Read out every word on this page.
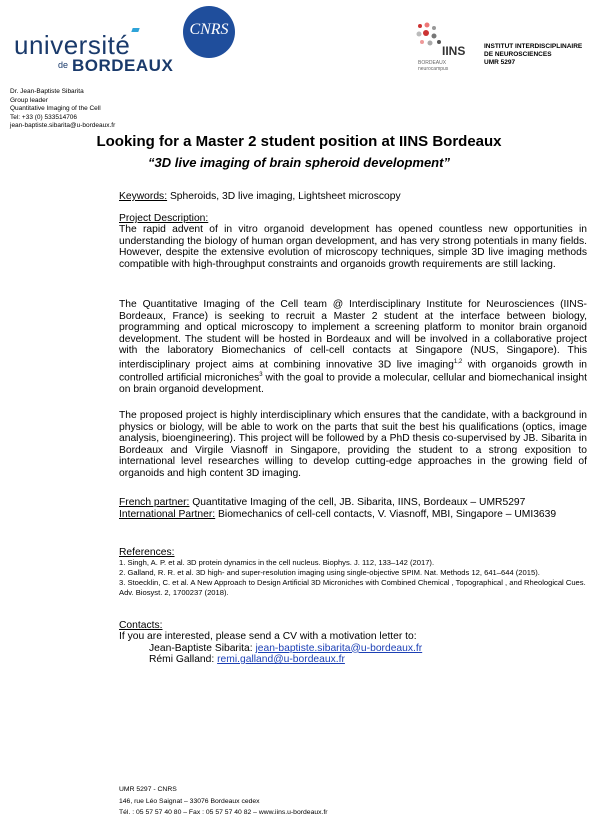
université
de BORDEAUX
CNRS
IINS
BORDEAUX neurocampus
INSTITUT INTERDISCIPLINAIRE
DE NEUROSCIENCES
UMR 5297
Dr. Jean-Baptiste Sibarita
Group leader
Quantitative Imaging of the Cell
Tel: +33 (0) 533514706
jean-baptiste.sibarita@u-bordeaux.fr
Looking for a Master 2 student position at IINS Bordeaux
“3D live imaging of brain spheroid development”
Keywords: Spheroids, 3D live imaging, Lightsheet microscopy
Project Description:
The rapid advent of in vitro organoid development has opened countless new opportunities in understanding the biology of human organ development, and has very strong potentials in many fields. However, despite the extensive evolution of microscopy techniques, simple 3D live imaging methods compatible with high-throughput constraints and organoids growth requirements are still lacking.
The Quantitative Imaging of the Cell team @ Interdisciplinary Institute for Neurosciences (IINS-Bordeaux, France) is seeking to recruit a Master 2 student at the interface between biology, programming and optical microscopy to implement a screening platform to monitor brain organoid development. The student will be hosted in Bordeaux and will be involved in a collaborative project with the laboratory Biomechanics of cell-cell contacts at Singapore (NUS, Singapore). This interdisciplinary project aims at combining innovative 3D live imaging$^{1,2}$ with organoids growth in controlled artificial microniches$^3$ with the goal to provide a molecular, cellular and biomechanical insight on brain organoid development.
The proposed project is highly interdisciplinary which ensures that the candidate, with a background in physics or biology, will be able to work on the parts that suit the best his qualifications (optics, image analysis, bioengineering). This project will be followed by a PhD thesis co-supervised by JB. Sibarita in Bordeaux and Virgile Viasnoff in Singapore, providing the student to a strong exposition to international level researches willing to develop cutting-edge approaches in the growing field of organoids and high content 3D imaging.
French partner: Quantitative Imaging of the cell, JB. Sibarita, IINS, Bordeaux – UMR5297
International Partner: Biomechanics of cell-cell contacts, V. Viasnoff, MBI, Singapore – UMI3639
References:
1. Singh, A. P. et al. 3D protein dynamics in the cell nucleus. Biophys. J. 112, 133–142 (2017).
2. Galland, R. R. et al. 3D high- and super-resolution imaging using single-objective SPIM. Nat. Methods 12, 641–644 (2015).
3. Stoecklin, C. et al. A New Approach to Design Artificial 3D Microniches with Combined Chemical , Topographical , and Rheological Cues. Adv. Biosyst. 2, 1700237 (2018).
Contacts:
If you are interested, please send a CV with a motivation letter to:
Jean-Baptiste Sibarita: jean-baptiste.sibarita@u-bordeaux.fr
Rémi Galland: remi.galland@u-bordeaux.fr
UMR 5297 - CNRS
146, rue Léo Saignat – 33076 Bordeaux cedex
Tél. : 05 57 57 40 80 – Fax : 05 57 57 40 82 – www.iins.u-bordeaux.fr
